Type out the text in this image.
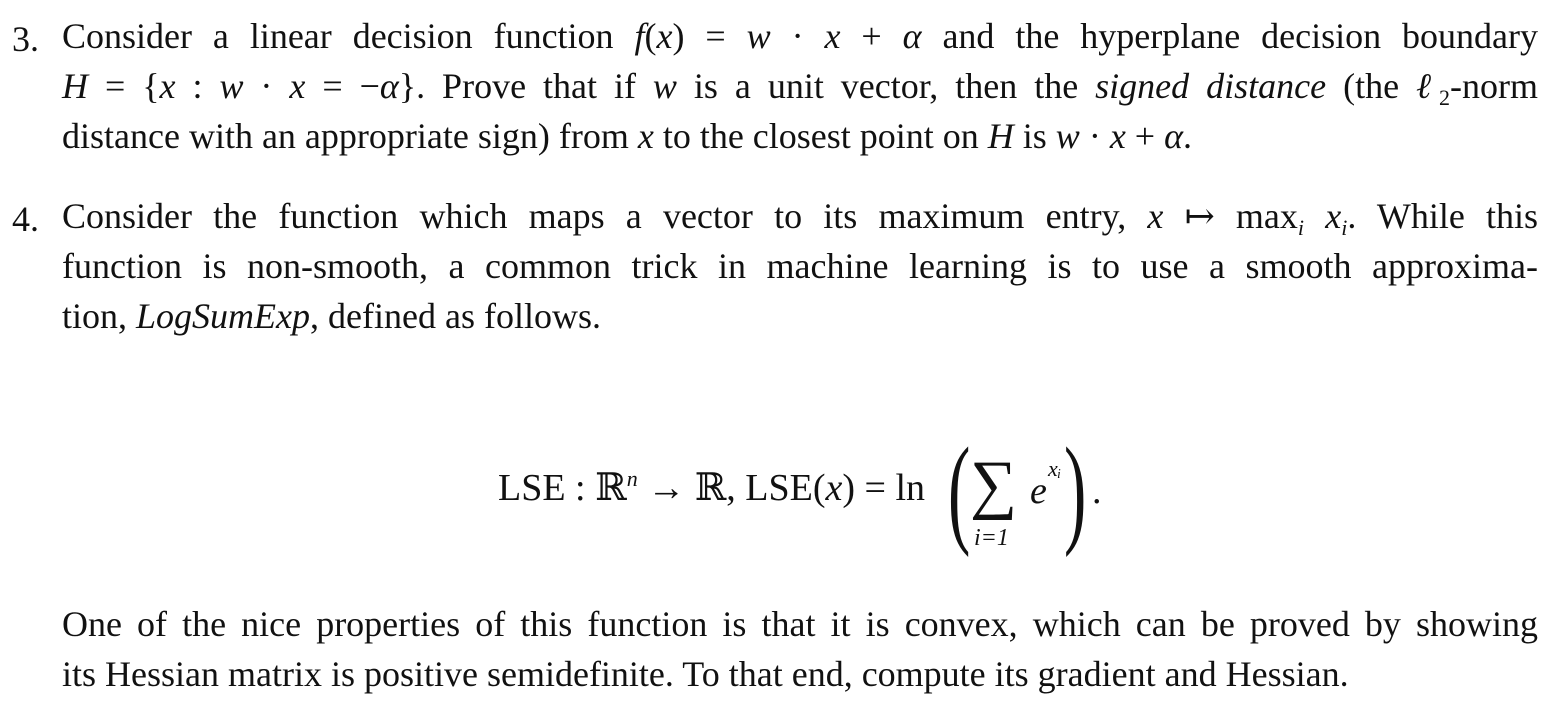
3. Consider a linear decision function f(x) = w · x + α and the hyperplane decision boundary
H = {x : w · x = −α}. Prove that if w is a unit vector, then the signed distance (the ℓ$_2$-norm
distance with an appropriate sign) from x to the closest point on H is w · x + α.
4. Consider the function which maps a vector to its maximum entry, x ↦ $\max_i x_i$. While this
function is non-smooth, a common trick in machine learning is to use a smooth approxima-
tion, LogSumExp, defined as follows.
LSE : ℝ$^n$ → ℝ, LSE(x) = ln ( ∑
i=1
e
xᵢ ) .
One of the nice properties of this function is that it is convex, which can be proved by showing
its Hessian matrix is positive semidefinite. To that end, compute its gradient and Hessian.
